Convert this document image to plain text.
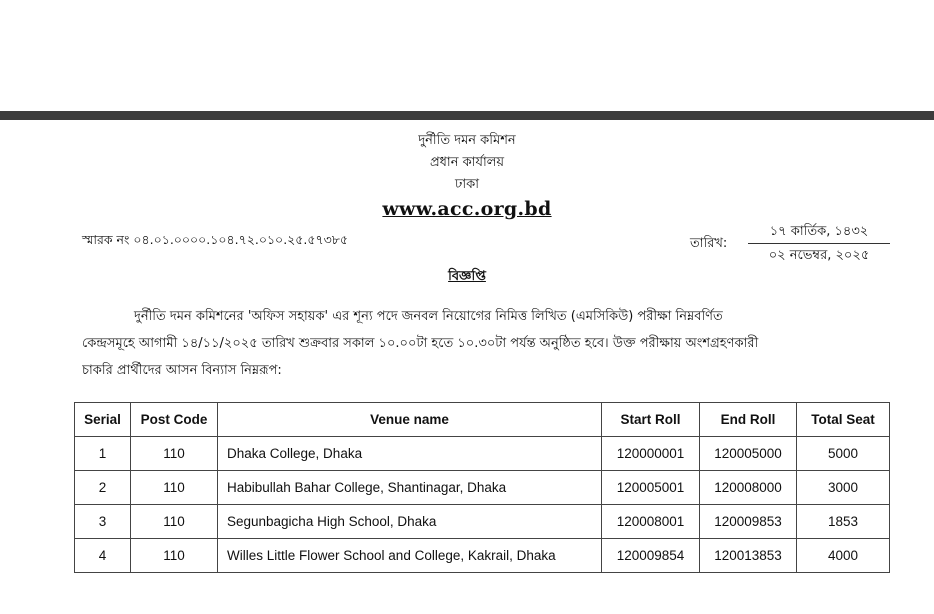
দুর্নীতি দমন কমিশন
প্রধান কার্যালয়
ঢাকা
www.acc.org.bd
স্মারক নং ০৪.০১.০০০০.১০৪.৭২.০১০.২৫.৫৭৩৮৫	তারিখ:
১৭ কার্তিক, ১৪৩২
০২ নভেম্বর, ২০২৫
বিজ্ঞপ্তি
দুর্নীতি দমন কমিশনের 'অফিস সহায়ক' এর শূন্য পদে জনবল নিয়োগের নিমিত্ত লিখিত (এমসিকিউ) পরীক্ষা নিম্নবর্ণিত
কেন্দ্রসমূহে আগামী ১৪/১১/২০২৫ তারিখ শুক্রবার সকাল ১০.০০টা হতে ১০.৩০টা পর্যন্ত অনুষ্ঠিত হবে। উক্ত পরীক্ষায় অংশগ্রহণকারী
চাকরি প্রার্থীদের আসন বিন্যাস নিম্নরূপ:
Serial	Post Code	Venue name	Start Roll	End Roll	Total Seat
1	110	Dhaka College, Dhaka	120000001	120005000	5000
2	110	Habibullah Bahar College, Shantinagar, Dhaka	120005001	120008000	3000
3	110	Segunbagicha High School, Dhaka	120008001	120009853	1853
4	110	Willes Little Flower School and College, Kakrail, Dhaka	120009854	120013853	4000
